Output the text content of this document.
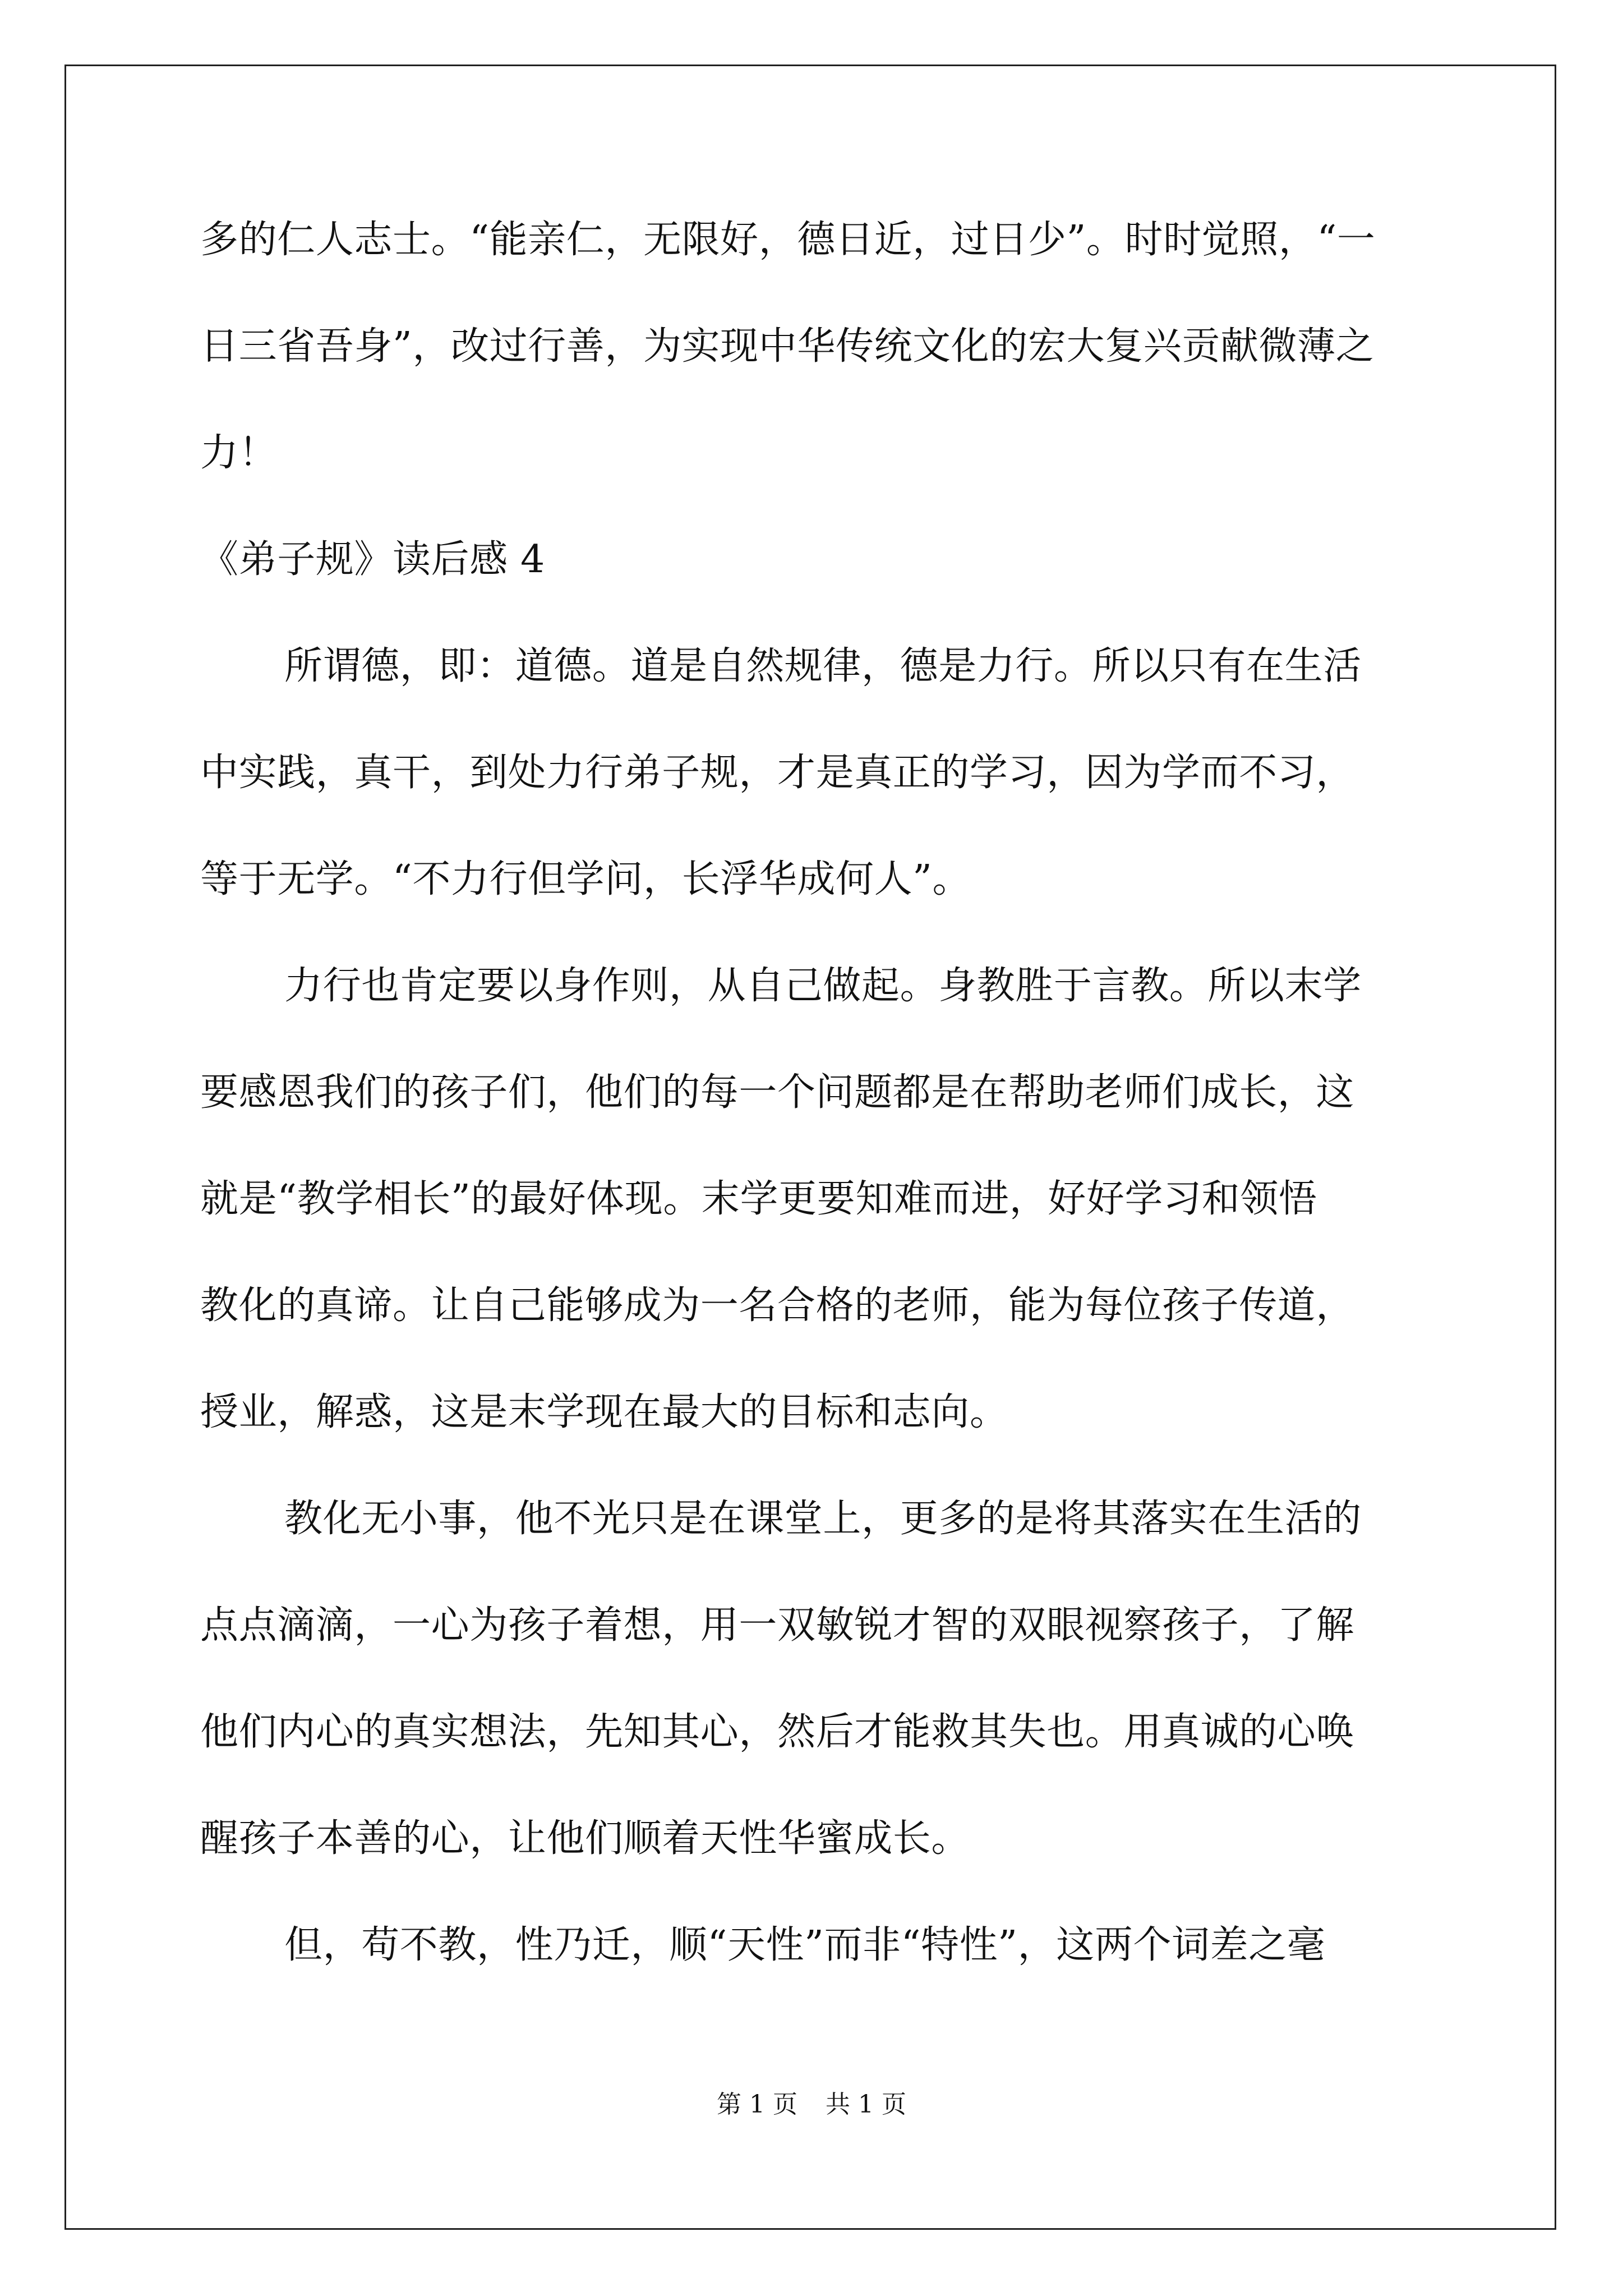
多的仁人志士。“能亲仁，无限好，德日近，过日少”。时时觉照，“一

日三省吾身”，改过行善，为实现中华传统文化的宏大复兴贡献微薄之

力！

《弟子规》读后感 4

所谓德，即：道德。道是自然规律，德是力行。所以只有在生活

中实践，真干，到处力行弟子规，才是真正的学习，因为学而不习，

等于无学。“不力行但学问，长浮华成何人”。

力行也肯定要以身作则，从自己做起。身教胜于言教。所以末学

要感恩我们的孩子们，他们的每一个问题都是在帮助老师们成长，这

就是“教学相长”的最好体现。末学更要知难而进，好好学习和领悟

教化的真谛。让自己能够成为一名合格的老师，能为每位孩子传道，

授业，解惑，这是末学现在最大的目标和志向。

教化无小事，他不光只是在课堂上，更多的是将其落实在生活的

点点滴滴，一心为孩子着想，用一双敏锐才智的双眼视察孩子，了解

他们内心的真实想法，先知其心，然后才能救其失也。用真诚的心唤

醒孩子本善的心，让他们顺着天性华蜜成长。

但，苟不教，性乃迁，顺“天性”而非“特性”，这两个词差之毫

第 1 页 共 1 页
